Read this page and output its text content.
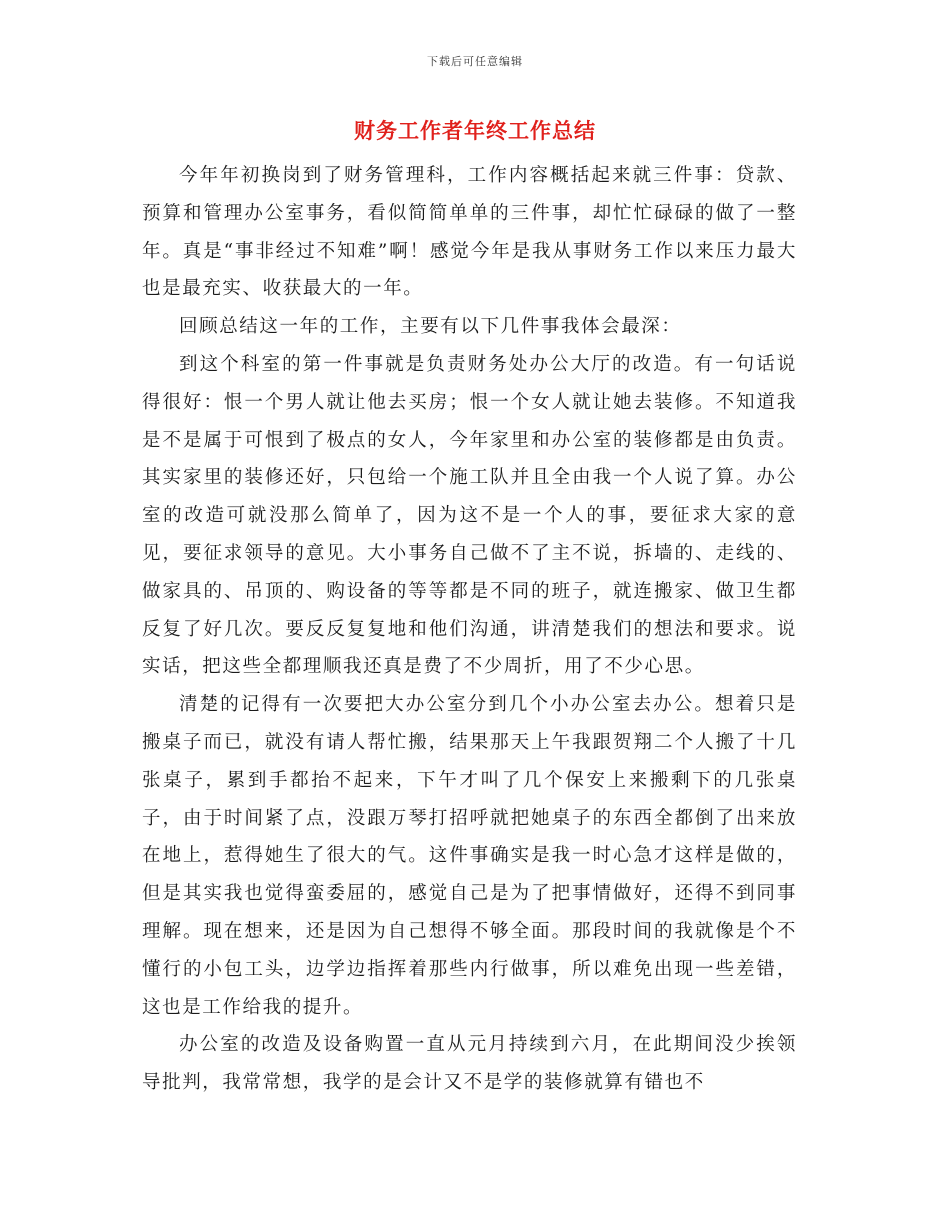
下载后可任意编辑
财务工作者年终工作总结

今年年初换岗到了财务管理科，工作内容概括起来就三件事：贷款、预算和管理办公室事务，看似简简单单的三件事，却忙忙碌碌的做了一整年。真是“事非经过不知难”啊！感觉今年是我从事财务工作以来压力最大也是最充实、收获最大的一年。

回顾总结这一年的工作，主要有以下几件事我体会最深：

到这个科室的第一件事就是负责财务处办公大厅的改造。有一句话说得很好：恨一个男人就让他去买房；恨一个女人就让她去装修。不知道我是不是属于可恨到了极点的女人，今年家里和办公室的装修都是由负责。其实家里的装修还好，只包给一个施工队并且全由我一个人说了算。办公室的改造可就没那么简单了，因为这不是一个人的事，要征求大家的意见，要征求领导的意见。大小事务自己做不了主不说，拆墙的、走线的、做家具的、吊顶的、购设备的等等都是不同的班子，就连搬家、做卫生都反复了好几次。要反反复复地和他们沟通，讲清楚我们的想法和要求。说实话，把这些全都理顺我还真是费了不少周折，用了不少心思。

清楚的记得有一次要把大办公室分到几个小办公室去办公。想着只是搬桌子而已，就没有请人帮忙搬，结果那天上午我跟贺翔二个人搬了十几张桌子，累到手都抬不起来，下午才叫了几个保安上来搬剩下的几张桌子，由于时间紧了点，没跟万琴打招呼就把她桌子的东西全都倒了出来放在地上，惹得她生了很大的气。这件事确实是我一时心急才这样是做的，但是其实我也觉得蛮委屈的，感觉自己是为了把事情做好，还得不到同事理解。现在想来，还是因为自己想得不够全面。那段时间的我就像是个不懂行的小包工头，边学边指挥着那些内行做事，所以难免出现一些差错，这也是工作给我的提升。

办公室的改造及设备购置一直从元月持续到六月，在此期间没少挨领导批判，我常常想，我学的是会计又不是学的装修就算有错也不
